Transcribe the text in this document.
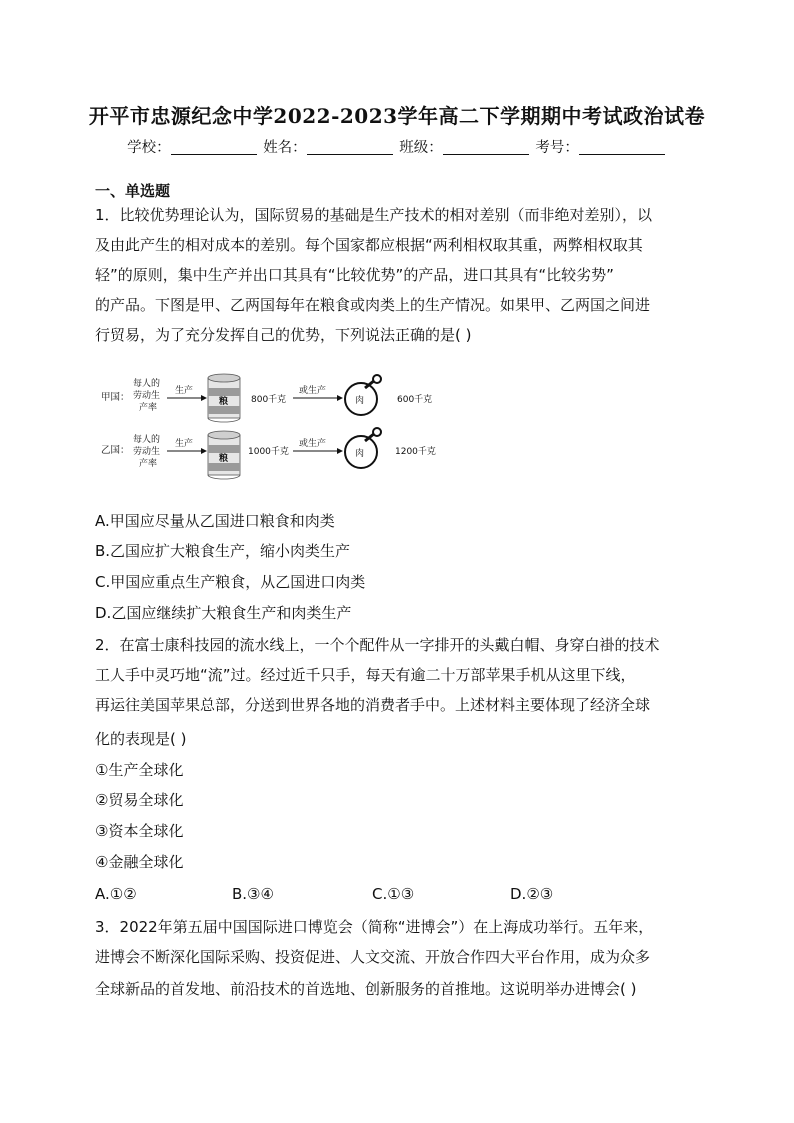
开平市忠源纪念中学2022-2023学年高二下学期期中考试政治试卷
学校：	姓名：	班级：	考号：
一、单选题
1．比较优势理论认为，国际贸易的基础是生产技术的相对差别（而非绝对差别），以
及由此产生的相对成本的差别。每个国家都应根据“两利相权取其重，两弊相权取其
轻”的原则，集中生产并出口其具有“比较优势”的产品，进口其具有“比较劣势”
的产品。下图是甲、乙两国每年在粮食或肉类上的生产情况。如果甲、乙两国之间进
行贸易，为了充分发挥自己的优势，下列说法正确的是( )
甲国：
每人的
劳动生
产率
生产
粮	800千克
或生产
肉	600千克
乙国：
每人的
劳动生
产率
生产
粮
1000千克
或生产
肉	1200千克
A.甲国应尽量从乙国进口粮食和肉类
B.乙国应扩大粮食生产，缩小肉类生产
C.甲国应重点生产粮食，从乙国进口肉类
D.乙国应继续扩大粮食生产和肉类生产
2．在富士康科技园的流水线上，一个个配件从一字排开的头戴白帽、身穿白褂的技术
工人手中灵巧地“流”过。经过近千只手，每天有逾二十万部苹果手机从这里下线，
再运往美国苹果总部，分送到世界各地的消费者手中。上述材料主要体现了经济全球
化的表现是( )
①生产全球化
②贸易全球化
③资本全球化
④金融全球化
A.①②	B.③④	C.①③	D.②③
3．2022年第五届中国国际进口博览会（简称“进博会”）在上海成功举行。五年来，
进博会不断深化国际采购、投资促进、人文交流、开放合作四大平台作用，成为众多
全球新品的首发地、前沿技术的首选地、创新服务的首推地。这说明举办进博会( )
